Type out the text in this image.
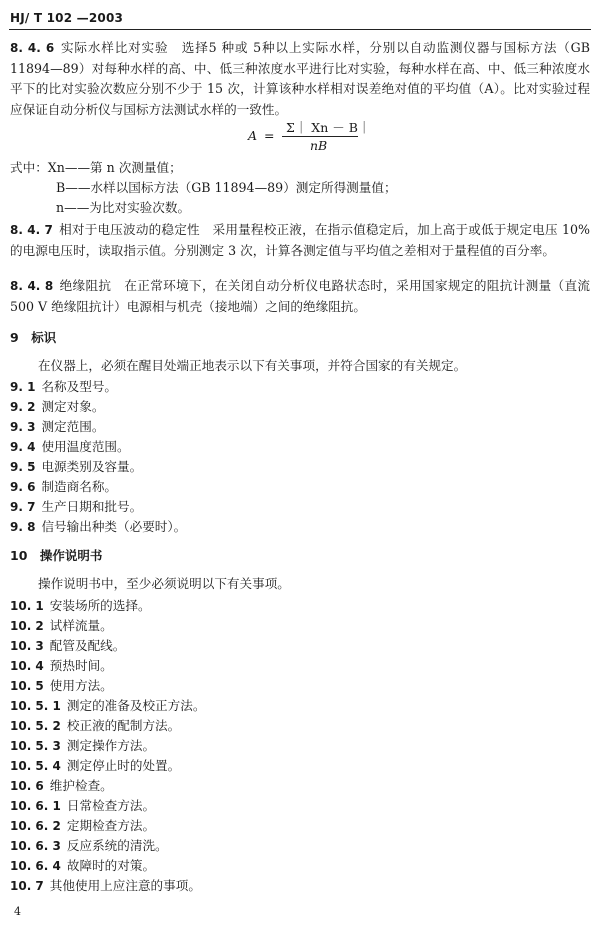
HJ/ T 102 —2003

8. 4. 6 实际水样比对实验　选择5 种或 5种以上实际水样，分别以自动监测仪器与国标方法（GB 11894—89）对每种水样的高、中、低三种浓度水平进行比对实验，每种水样在高、中、低三种浓度水平下的比对实验次数应分别不少于 15 次，计算该种水样相对误差绝对值的平均值（A）。比对实验过程应保证自动分析仪与国标方法测试水样的一致性。

A =
Σ｜ Xn － B｜
nB

式中：Xn——第 n 次测量值；

B——水样以国标方法（GB 11894—89）测定所得测量值；

n——为比对实验次数。

8. 4. 7 相对于电压波动的稳定性　采用量程校正液，在指示值稳定后，加上高于或低于规定电压 10% 的电源电压时，读取指示值。分别测定 3 次，计算各测定值与平均值之差相对于量程值的百分率。

8. 4. 8 绝缘阻抗　在正常环境下，在关闭自动分析仪电路状态时，采用国家规定的阻抗计测量（直流 500 V 绝缘阻抗计）电源相与机壳（接地端）之间的绝缘阻抗。

9　标识

在仪器上，必须在醒目处端正地表示以下有关事项，并符合国家的有关规定。

9. 1 名称及型号。
9. 2 测定对象。
9. 3 测定范围。
9. 4 使用温度范围。
9. 5 电源类别及容量。
9. 6 制造商名称。
9. 7 生产日期和批号。
9. 8 信号输出种类（必要时）。

10　操作说明书

操作说明书中，至少必须说明以下有关事项。

10. 1 安装场所的选择。
10. 2 试样流量。
10. 3 配管及配线。
10. 4 预热时间。
10. 5 使用方法。
10. 5. 1 测定的准备及校正方法。
10. 5. 2 校正液的配制方法。
10. 5. 3 测定操作方法。
10. 5. 4 测定停止时的处置。
10. 6 维护检查。
10. 6. 1 日常检查方法。
10. 6. 2 定期检查方法。
10. 6. 3 反应系统的清洗。
10. 6. 4 故障时的对策。
10. 7 其他使用上应注意的事项。
4
